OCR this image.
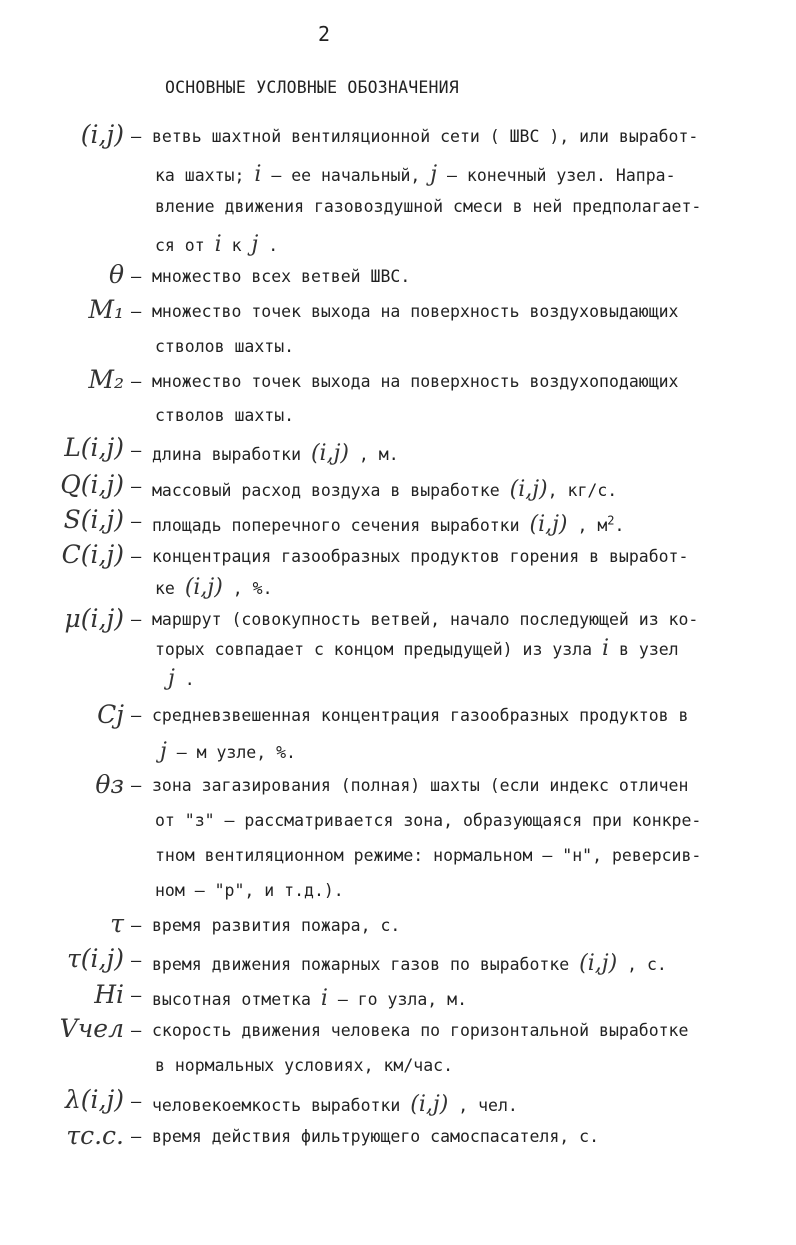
2
ОСНОВНЫЕ УСЛОВНЫЕ ОБОЗНАЧЕНИЯ
(i,j) – ветвь шахтной вентиляционной сети ( ШВС ), или выработ-
ка шахты; i – ее начальный, j – конечный узел. Напра-
вление движения газовоздушной смеси в ней предполагает-
ся от i к j .
θ – множество всех ветвей ШВС.
M₁ – множество точек выхода на поверхность воздуховыдающих
стволов шахты.
M₂ – множество точек выхода на поверхность воздухоподающих
стволов шахты.
L(i,j) – длина выработки (i,j) , м.
Q(i,j) – массовый расход воздуха в выработке (i,j), кг/с.
S(i,j) – площадь поперечного сечения выработки (i,j) , $м^2$.
C(i,j) – концентрация газообразных продуктов горения в выработ-
ке (i,j) , %.
μ(i,j) – маршрут (совокупность ветвей, начало последующей из ко-
торых совпадает с концом предыдущей) из узла i в узел
j .
Cj – средневзвешенная концентрация газообразных продуктов в
j – м узле, %.
θз – зона загазирования (полная) шахты (если индекс отличен
от "з" – рассматривается зона, образующаяся при конкре-
тном вентиляционном режиме: нормальном – "н", реверсив-
ном – "р", и т.д.).
τ – время развития пожара, с.
τ(i,j) – время движения пожарных газов по выработке (i,j) , с.
Hi – высотная отметка i – го узла, м.
Vчел – скорость движения человека по горизонтальной выработке
в нормальных условиях, км/час.
λ(i,j) – человекоемкость выработки (i,j) , чел.
τс.с. – время действия фильтрующего самоспасателя, с.
